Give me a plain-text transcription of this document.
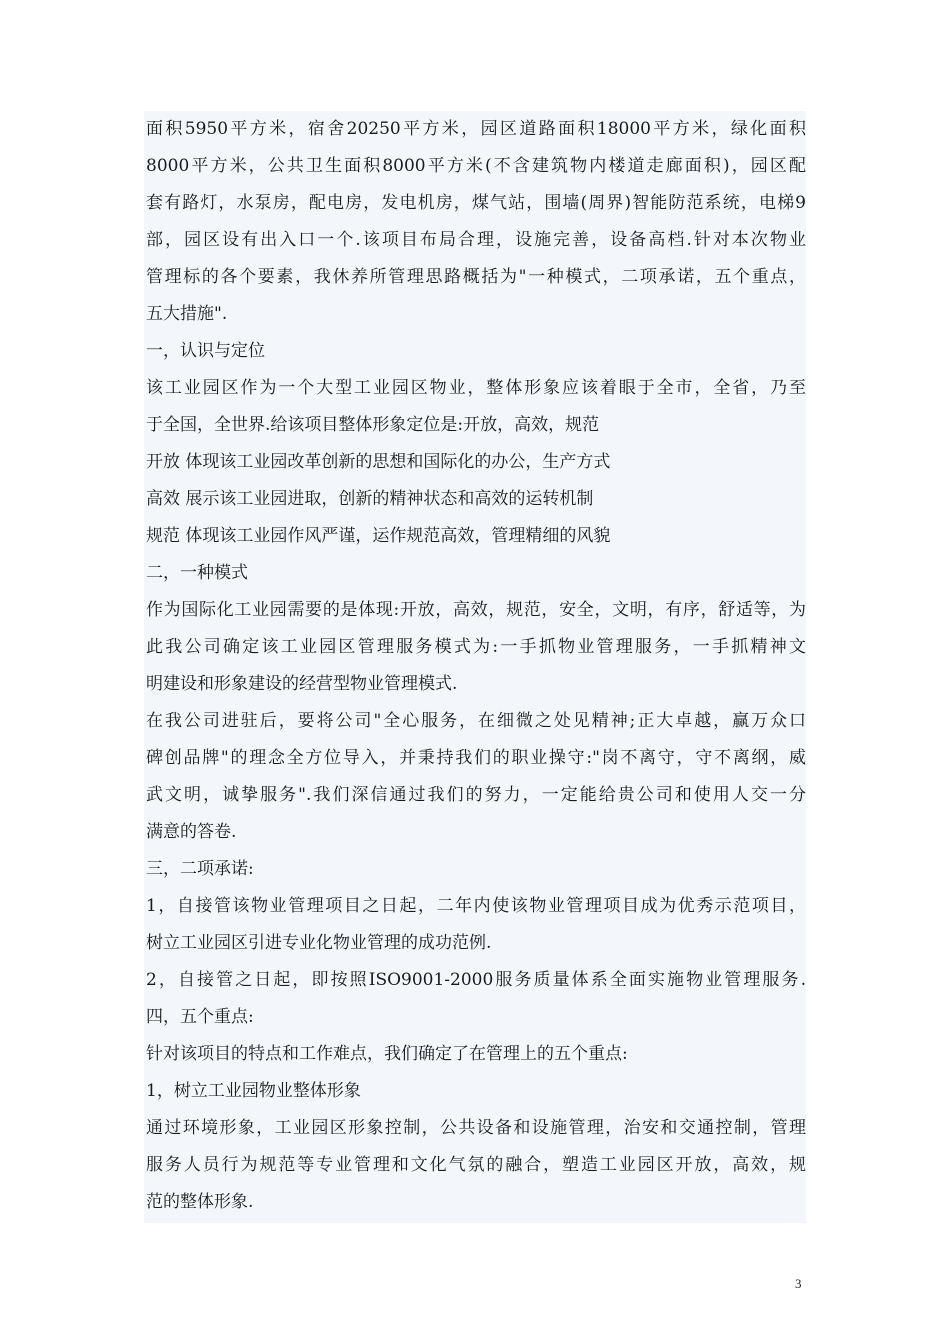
面积5950平方米，宿舍20250平方米，园区道路面积18000平方米，绿化面积
8000平方米，公共卫生面积8000平方米(不含建筑物内楼道走廊面积)，园区配
套有路灯，水泵房，配电房，发电机房，煤气站，围墙(周界)智能防范系统，电梯9
部，园区设有出入口一个.该项目布局合理，设施完善，设备高档.针对本次物业
管理标的各个要素，我休养所管理思路概括为"一种模式，二项承诺，五个重点，
五大措施".
一，认识与定位
该工业园区作为一个大型工业园区物业，整体形象应该着眼于全市，全省，乃至
于全国，全世界.给该项目整体形象定位是:开放，高效，规范
开放 体现该工业园改革创新的思想和国际化的办公，生产方式
高效 展示该工业园进取，创新的精神状态和高效的运转机制
规范 体现该工业园作风严谨，运作规范高效，管理精细的风貌
二，一种模式
作为国际化工业园需要的是体现:开放，高效，规范，安全，文明，有序，舒适等，为
此我公司确定该工业园区管理服务模式为:一手抓物业管理服务，一手抓精神文
明建设和形象建设的经营型物业管理模式.
在我公司进驻后，要将公司"全心服务，在细微之处见精神;正大卓越，赢万众口
碑创品牌"的理念全方位导入，并秉持我们的职业操守:"岗不离守，守不离纲，威
武文明，诚挚服务".我们深信通过我们的努力，一定能给贵公司和使用人交一分
满意的答卷.
三，二项承诺:
1，自接管该物业管理项目之日起，二年内使该物业管理项目成为优秀示范项目，
树立工业园区引进专业化物业管理的成功范例.
2，自接管之日起，即按照ISO9001-2000服务质量体系全面实施物业管理服务.
四，五个重点:
针对该项目的特点和工作难点，我们确定了在管理上的五个重点:
1，树立工业园物业整体形象
通过环境形象，工业园区形象控制，公共设备和设施管理，治安和交通控制，管理
服务人员行为规范等专业管理和文化气氛的融合，塑造工业园区开放，高效，规
范的整体形象.
3
